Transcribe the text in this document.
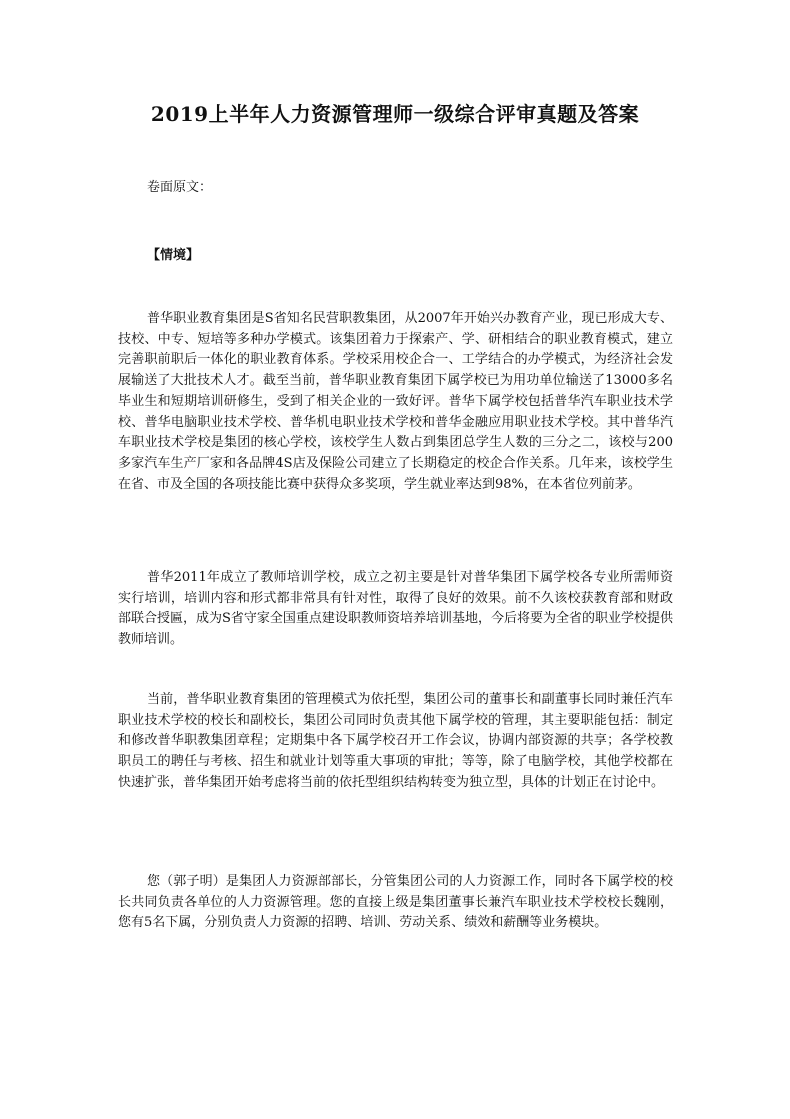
2019上半年人力资源管理师一级综合评审真题及答案

卷面原文：

【情境】

普华职业教育集团是S省知名民营职教集团，从2007年开始兴办教育产业，现已形成大专、技校、中专、短培等多种办学模式。该集团着力于探索产、学、研相结合的职业教育模式，建立完善职前职后一体化的职业教育体系。学校采用校企合一、工学结合的办学模式，为经济社会发展输送了大批技术人才。截至当前，普华职业教育集团下属学校已为用功单位输送了13000多名毕业生和短期培训研修生，受到了相关企业的一致好评。普华下属学校包括普华汽车职业技术学校、普华电脑职业技术学校、普华机电职业技术学校和普华金融应用职业技术学校。其中普华汽车职业技术学校是集团的核心学校，该校学生人数占到集团总学生人数的三分之二，该校与200多家汽车生产厂家和各品牌4S店及保险公司建立了长期稳定的校企合作关系。几年来，该校学生在省、市及全国的各项技能比赛中获得众多奖项，学生就业率达到98%，在本省位列前茅。

普华2011年成立了教师培训学校，成立之初主要是针对普华集团下属学校各专业所需师资实行培训，培训内容和形式都非常具有针对性，取得了良好的效果。前不久该校获教育部和财政部联合授匾，成为S省守家全国重点建设职教师资培养培训基地，今后将要为全省的职业学校提供教师培训。

当前，普华职业教育集团的管理模式为依托型，集团公司的董事长和副董事长同时兼任汽车职业技术学校的校长和副校长，集团公司同时负责其他下属学校的管理，其主要职能包括：制定和修改普华职教集团章程；定期集中各下属学校召开工作会议，协调内部资源的共享；各学校教职员工的聘任与考核、招生和就业计划等重大事项的审批；等等，除了电脑学校，其他学校都在快速扩张，普华集团开始考虑将当前的依托型组织结构转变为独立型，具体的计划正在讨论中。

您（郭子明）是集团人力资源部部长，分管集团公司的人力资源工作，同时各下属学校的校长共同负责各单位的人力资源管理。您的直接上级是集团董事长兼汽车职业技术学校校长魏刚，您有5名下属，分别负责人力资源的招聘、培训、劳动关系、绩效和薪酬等业务模块。
